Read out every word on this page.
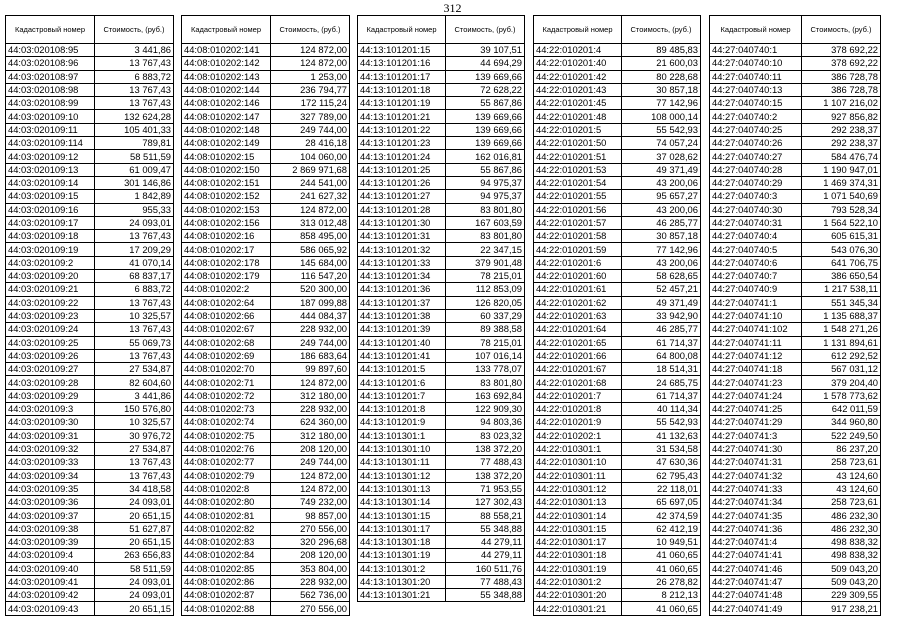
312
Кадастровый номер	Стоимость, (руб.)
44:03:020108:95	3 441,86
44:03:020108:96	13 767,43
44:03:020108:97	6 883,72
44:03:020108:98	13 767,43
44:03:020108:99	13 767,43
44:03:020109:10	132 624,28
44:03:020109:11	105 401,33
44:03:020109:114	789,81
44:03:020109:12	58 511,59
44:03:020109:13	61 009,47
44:03:020109:14	301 146,86
44:03:020109:15	1 842,89
44:03:020109:16	955,33
44:03:020109:17	24 093,01
44:03:020109:18	13 767,43
44:03:020109:19	17 209,29
44:03:020109:2	41 070,14
44:03:020109:20	68 837,17
44:03:020109:21	6 883,72
44:03:020109:22	13 767,43
44:03:020109:23	10 325,57
44:03:020109:24	13 767,43
44:03:020109:25	55 069,73
44:03:020109:26	13 767,43
44:03:020109:27	27 534,87
44:03:020109:28	82 604,60
44:03:020109:29	3 441,86
44:03:020109:3	150 576,80
44:03:020109:30	10 325,57
44:03:020109:31	30 976,72
44:03:020109:32	27 534,87
44:03:020109:33	13 767,43
44:03:020109:34	13 767,43
44:03:020109:35	34 418,58
44:03:020109:36	24 093,01
44:03:020109:37	20 651,15
44:03:020109:38	51 627,87
44:03:020109:39	20 651,15
44:03:020109:4	263 656,83
44:03:020109:40	58 511,59
44:03:020109:41	24 093,01
44:03:020109:42	24 093,01
44:03:020109:43	20 651,15
Кадастровый номер	Стоимость, (руб.)
44:08:010202:141	124 872,00
44:08:010202:142	124 872,00
44:08:010202:143	1 253,00
44:08:010202:144	236 794,77
44:08:010202:146	172 115,24
44:08:010202:147	327 789,00
44:08:010202:148	249 744,00
44:08:010202:149	28 416,18
44:08:010202:15	104 060,00
44:08:010202:150	2 869 971,68
44:08:010202:151	244 541,00
44:08:010202:152	241 627,32
44:08:010202:153	124 872,00
44:08:010202:156	313 012,48
44:08:010202:16	858 495,00
44:08:010202:17	586 065,92
44:08:010202:178	145 684,00
44:08:010202:179	116 547,20
44:08:010202:2	520 300,00
44:08:010202:64	187 099,88
44:08:010202:66	444 084,37
44:08:010202:67	228 932,00
44:08:010202:68	249 744,00
44:08:010202:69	186 683,64
44:08:010202:70	99 897,60
44:08:010202:71	124 872,00
44:08:010202:72	312 180,00
44:08:010202:73	228 932,00
44:08:010202:74	624 360,00
44:08:010202:75	312 180,00
44:08:010202:76	208 120,00
44:08:010202:77	249 744,00
44:08:010202:79	124 872,00
44:08:010202:8	124 872,00
44:08:010202:80	749 232,00
44:08:010202:81	98 857,00
44:08:010202:82	270 556,00
44:08:010202:83	320 296,68
44:08:010202:84	208 120,00
44:08:010202:85	353 804,00
44:08:010202:86	228 932,00
44:08:010202:87	562 736,00
44:08:010202:88	270 556,00
Кадастровый номер	Стоимость, (руб.)
44:13:101201:15	39 107,51
44:13:101201:16	44 694,29
44:13:101201:17	139 669,66
44:13:101201:18	72 628,22
44:13:101201:19	55 867,86
44:13:101201:21	139 669,66
44:13:101201:22	139 669,66
44:13:101201:23	139 669,66
44:13:101201:24	162 016,81
44:13:101201:25	55 867,86
44:13:101201:26	94 975,37
44:13:101201:27	94 975,37
44:13:101201:28	83 801,80
44:13:101201:30	167 603,59
44:13:101201:31	83 801,80
44:13:101201:32	22 347,15
44:13:101201:33	379 901,48
44:13:101201:34	78 215,01
44:13:101201:36	112 853,09
44:13:101201:37	126 820,05
44:13:101201:38	60 337,29
44:13:101201:39	89 388,58
44:13:101201:40	78 215,01
44:13:101201:41	107 016,14
44:13:101201:5	133 778,07
44:13:101201:6	83 801,80
44:13:101201:7	163 692,84
44:13:101201:8	122 909,30
44:13:101201:9	94 803,36
44:13:101301:1	83 023,32
44:13:101301:10	138 372,20
44:13:101301:11	77 488,43
44:13:101301:12	138 372,20
44:13:101301:13	71 953,55
44:13:101301:14	127 302,43
44:13:101301:15	88 558,21
44:13:101301:17	55 348,88
44:13:101301:18	44 279,11
44:13:101301:19	44 279,11
44:13:101301:2	160 511,76
44:13:101301:20	77 488,43
44:13:101301:21	55 348,88
Кадастровый номер	Стоимость, (руб.)
44:22:010201:4	89 485,83
44:22:010201:40	21 600,03
44:22:010201:42	80 228,68
44:22:010201:43	30 857,18
44:22:010201:45	77 142,96
44:22:010201:48	108 000,14
44:22:010201:5	55 542,93
44:22:010201:50	74 057,24
44:22:010201:51	37 028,62
44:22:010201:53	49 371,49
44:22:010201:54	43 200,06
44:22:010201:55	95 657,27
44:22:010201:56	43 200,06
44:22:010201:57	46 285,77
44:22:010201:58	30 857,18
44:22:010201:59	77 142,96
44:22:010201:6	43 200,06
44:22:010201:60	58 628,65
44:22:010201:61	52 457,21
44:22:010201:62	49 371,49
44:22:010201:63	33 942,90
44:22:010201:64	46 285,77
44:22:010201:65	61 714,37
44:22:010201:66	64 800,08
44:22:010201:67	18 514,31
44:22:010201:68	24 685,75
44:22:010201:7	61 714,37
44:22:010201:8	40 114,34
44:22:010201:9	55 542,93
44:22:010202:1	41 132,63
44:22:010301:1	31 534,58
44:22:010301:10	47 630,36
44:22:010301:11	62 795,43
44:22:010301:12	22 118,01
44:22:010301:13	65 697,05
44:22:010301:14	42 374,59
44:22:010301:15	62 412,19
44:22:010301:17	10 949,51
44:22:010301:18	41 060,65
44:22:010301:19	41 060,65
44:22:010301:2	26 278,82
44:22:010301:20	8 212,13
44:22:010301:21	41 060,65
Кадастровый номер	Стоимость, (руб.)
44:27:040740:1	378 692,22
44:27:040740:10	378 692,22
44:27:040740:11	386 728,78
44:27:040740:13	386 728,78
44:27:040740:15	1 107 216,02
44:27:040740:2	927 856,82
44:27:040740:25	292 238,37
44:27:040740:26	292 238,37
44:27:040740:27	584 476,74
44:27:040740:28	1 190 947,01
44:27:040740:29	1 469 374,31
44:27:040740:3	1 071 540,69
44:27:040740:30	793 528,34
44:27:040740:31	1 564 522,10
44:27:040740:4	605 615,31
44:27:040740:5	543 076,30
44:27:040740:6	641 706,75
44:27:040740:7	386 650,54
44:27:040740:9	1 217 538,11
44:27:040741:1	551 345,34
44:27:040741:10	1 135 688,37
44:27:040741:102	1 548 271,26
44:27:040741:11	1 131 894,61
44:27:040741:12	612 292,52
44:27:040741:18	567 031,12
44:27:040741:23	379 204,40
44:27:040741:24	1 578 773,62
44:27:040741:25	642 011,59
44:27:040741:29	344 960,80
44:27:040741:3	522 249,50
44:27:040741:30	86 237,20
44:27:040741:31	258 723,61
44:27:040741:32	43 124,60
44:27:040741:33	43 124,60
44:27:040741:34	258 723,61
44:27:040741:35	486 232,30
44:27:040741:36	486 232,30
44:27:040741:4	498 838,32
44:27:040741:41	498 838,32
44:27:040741:46	509 043,20
44:27:040741:47	509 043,20
44:27:040741:48	229 309,55
44:27:040741:49	917 238,21
